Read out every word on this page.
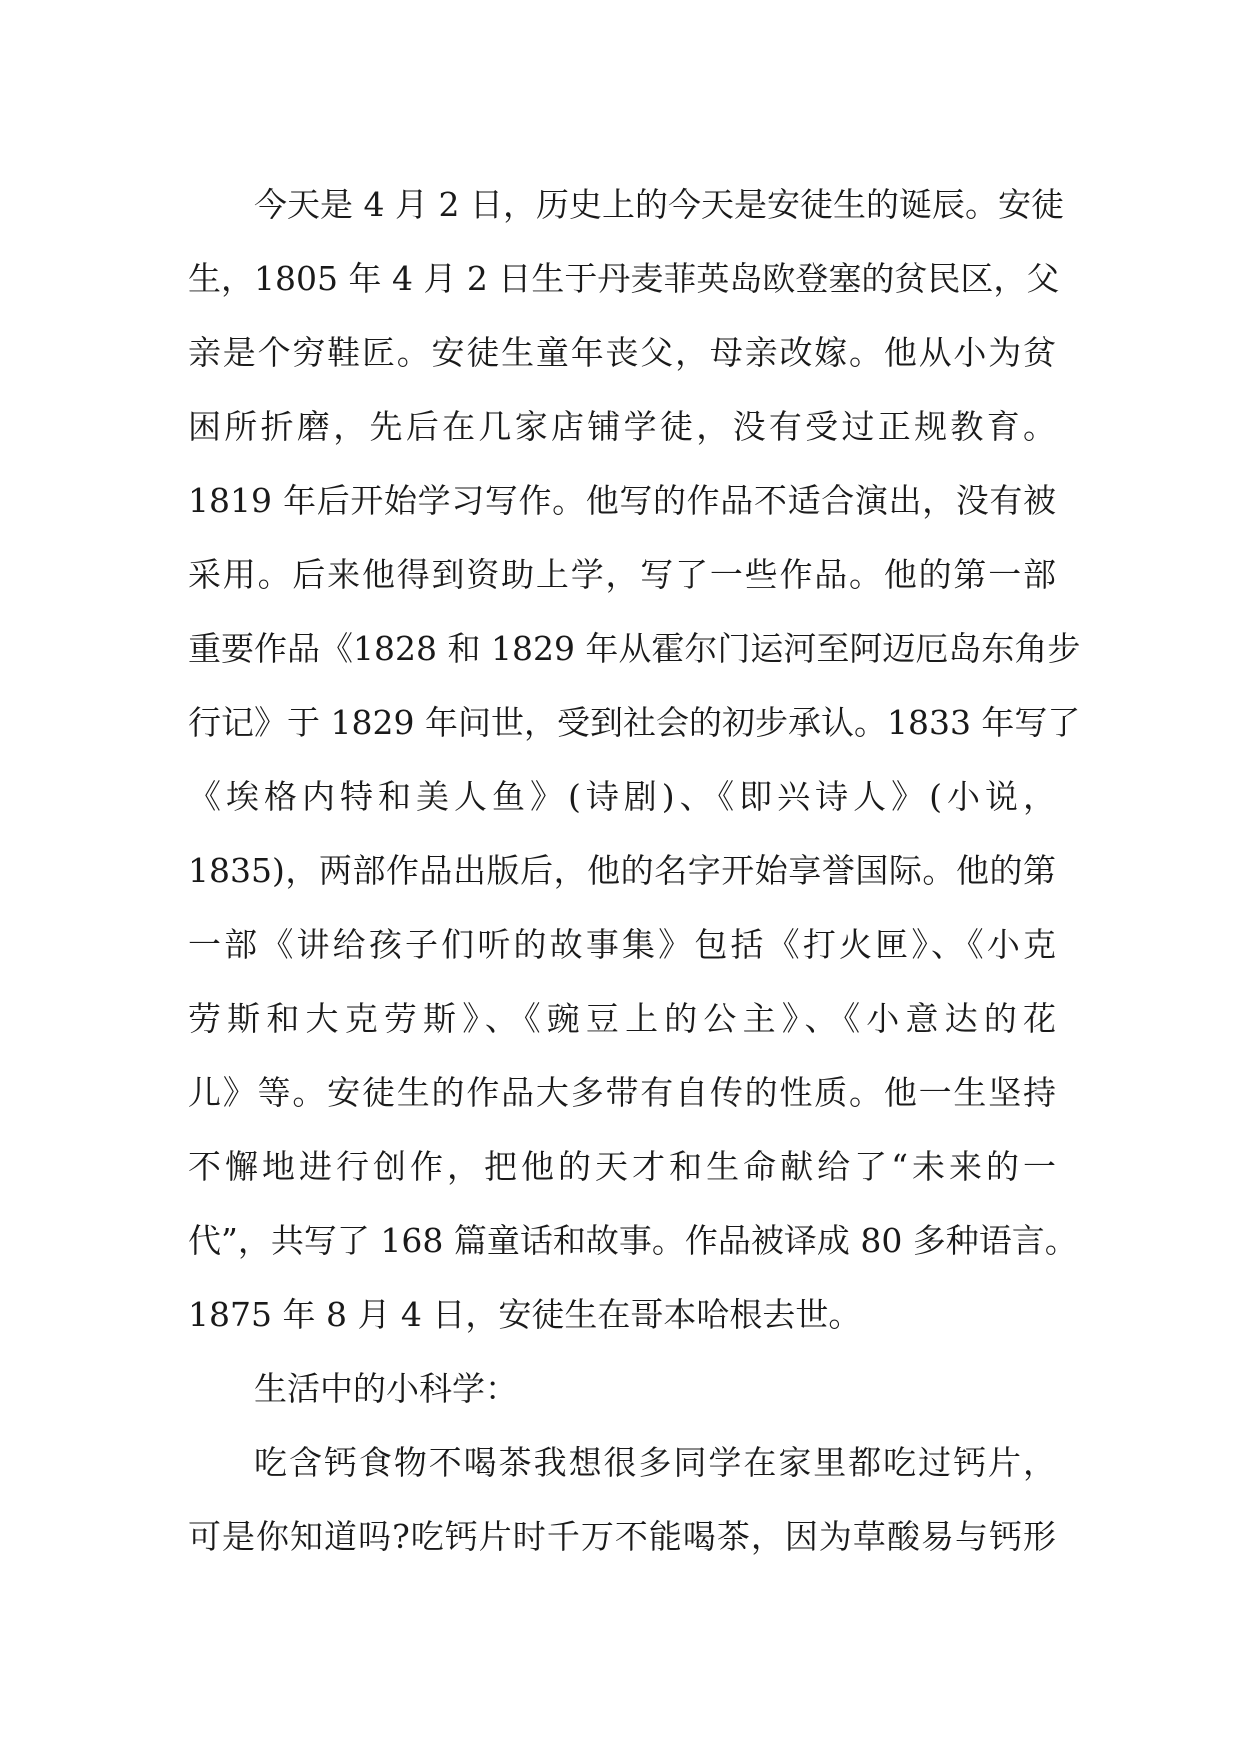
今天是 4 月 2 日，历史上的今天是安徒生的诞辰。安徒

生，1805 年 4 月 2 日生于丹麦菲英岛欧登塞的贫民区，父

亲是个穷鞋匠。安徒生童年丧父，母亲改嫁。他从小为贫

困所折磨，先后在几家店铺学徒，没有受过正规教育。

1819 年后开始学习写作。他写的作品不适合演出，没有被

采用。后来他得到资助上学，写了一些作品。他的第一部

重要作品《1828 和 1829 年从霍尔门运河至阿迈厄岛东角步

行记》于 1829 年问世，受到社会的初步承认。1833 年写了

《埃格内特和美人鱼》(诗剧)、《即兴诗人》(小说，

1835)，两部作品出版后，他的名字开始享誉国际。他的第

一部《讲给孩子们听的故事集》包括《打火匣》、《小克

劳斯和大克劳斯》、《豌豆上的公主》、《小意达的花

儿》等。安徒生的作品大多带有自传的性质。他一生坚持

不懈地进行创作，把他的天才和生命献给了“未来的一

代”，共写了 168 篇童话和故事。作品被译成 80 多种语言。

1875 年 8 月 4 日，安徒生在哥本哈根去世。

生活中的小科学：

吃含钙食物不喝茶我想很多同学在家里都吃过钙片，

可是你知道吗?吃钙片时千万不能喝茶，因为草酸易与钙形
